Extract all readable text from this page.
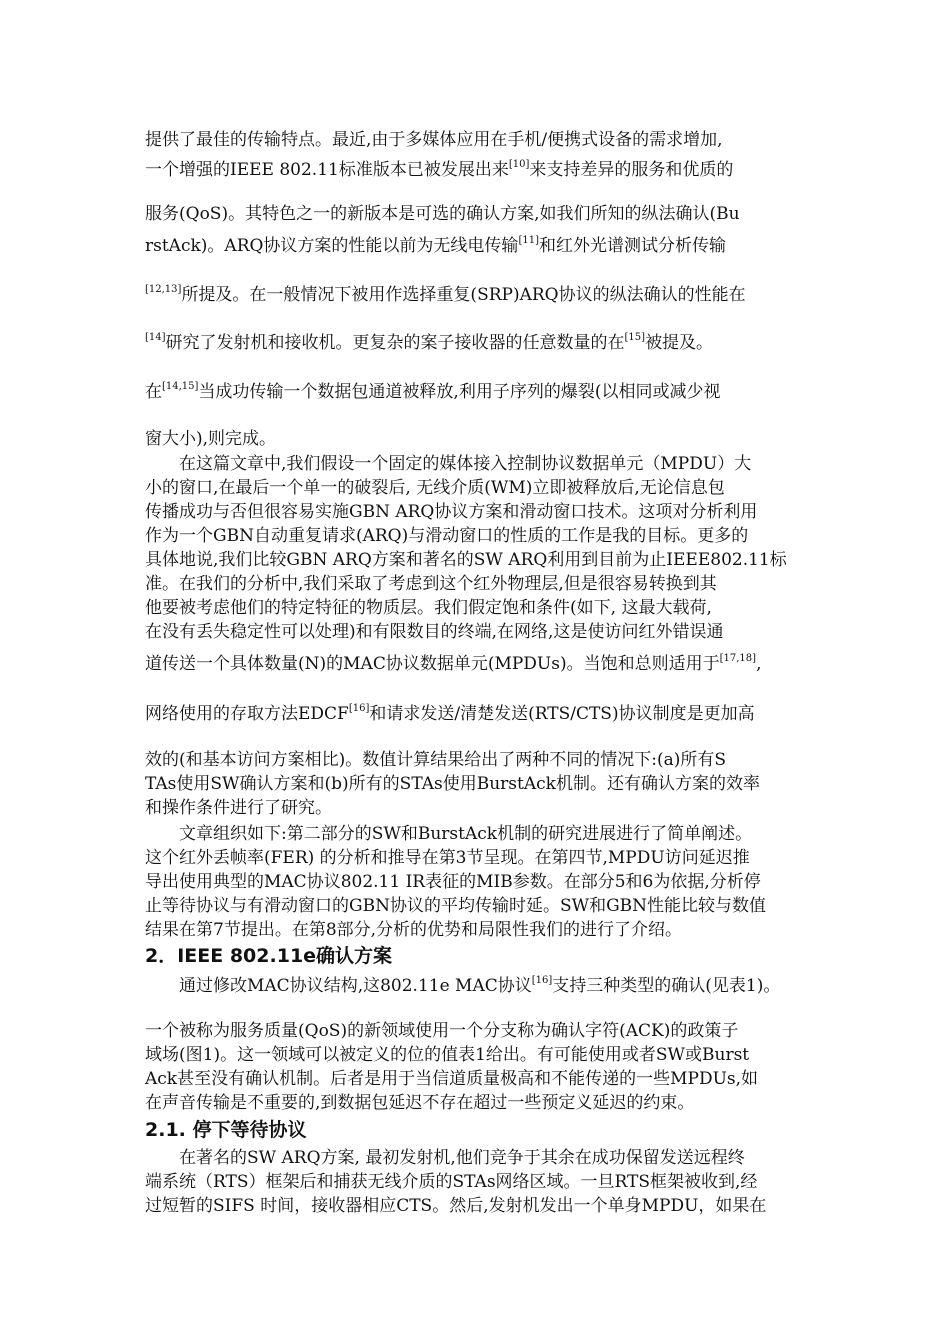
提供了最佳的传输特点。最近,由于多媒体应用在手机/便携式设备的需求增加,

一个增强的IEEE 802.11标准版本已被发展出来[10]来支持差异的服务和优质的

服务(QoS)。其特色之一的新版本是可选的确认方案,如我们所知的纵法确认(Bu

rstAck)。ARQ协议方案的性能以前为无线电传输[11]和红外光谱测试分析传输

[12,13]所提及。在一般情况下被用作选择重复(SRP)ARQ协议的纵法确认的性能在

[14]研究了发射机和接收机。更复杂的案子接收器的任意数量的在[15]被提及。

在[14,15]当成功传输一个数据包通道被释放,利用子序列的爆裂(以相同或减少视

窗大小),则完成。

　　在这篇文章中,我们假设一个固定的媒体接入控制协议数据单元（MPDU）大

小的窗口,在最后一个单一的破裂后, 无线介质(WM)立即被释放后,无论信息包

传播成功与否但很容易实施GBN ARQ协议方案和滑动窗口技术。这项对分析利用

作为一个GBN自动重复请求(ARQ)与滑动窗口的性质的工作是我的目标。更多的

具体地说,我们比较GBN ARQ方案和著名的SW ARQ利用到目前为止IEEE802.11标

准。在我们的分析中,我们采取了考虑到这个红外物理层,但是很容易转换到其

他要被考虑他们的特定特征的物质层。我们假定饱和条件(如下, 这最大载荷,

在没有丢失稳定性可以处理)和有限数目的终端,在网络,这是使访问红外错误通

道传送一个具体数量(N)的MAC协议数据单元(MPDUs)。当饱和总则适用于[17,18],

网络使用的存取方法EDCF[16]和请求发送/清楚发送(RTS/CTS)协议制度是更加高

效的(和基本访问方案相比)。数值计算结果给出了两种不同的情况下:(a)所有S

TAs使用SW确认方案和(b)所有的STAs使用BurstAck机制。还有确认方案的效率

和操作条件进行了研究。

　　文章组织如下:第二部分的SW和BurstAck机制的研究进展进行了简单阐述。

这个红外丢帧率(FER) 的分析和推导在第3节呈现。在第四节,MPDU访问延迟推

导出使用典型的MAC协议802.11 IR表征的MIB参数。在部分5和6为依据,分析停

止等待协议与有滑动窗口的GBN协议的平均传输时延。SW和GBN性能比较与数值

结果在第7节提出。在第8部分,分析的优势和局限性我们的进行了介绍。

2．IEEE 802.11e确认方案

　　通过修改MAC协议结构,这802.11e MAC协议[16]支持三种类型的确认(见表1)。

一个被称为服务质量(QoS)的新领域使用一个分支称为确认字符(ACK)的政策子

域场(图1)。这一领域可以被定义的位的值表1给出。有可能使用或者SW或Burst

Ack甚至没有确认机制。后者是用于当信道质量极高和不能传递的一些MPDUs,如

在声音传输是不重要的,到数据包延迟不存在超过一些预定义延迟的约束。

2.1. 停下等待协议

　　在著名的SW ARQ方案, 最初发射机,他们竞争于其余在成功保留发送远程终

端系统（RTS）框架后和捕获无线介质的STAs网络区域。一旦RTS框架被收到,经

过短暂的SIFS 时间，接收器相应CTS。然后,发射机发出一个单身MPDU，如果在
